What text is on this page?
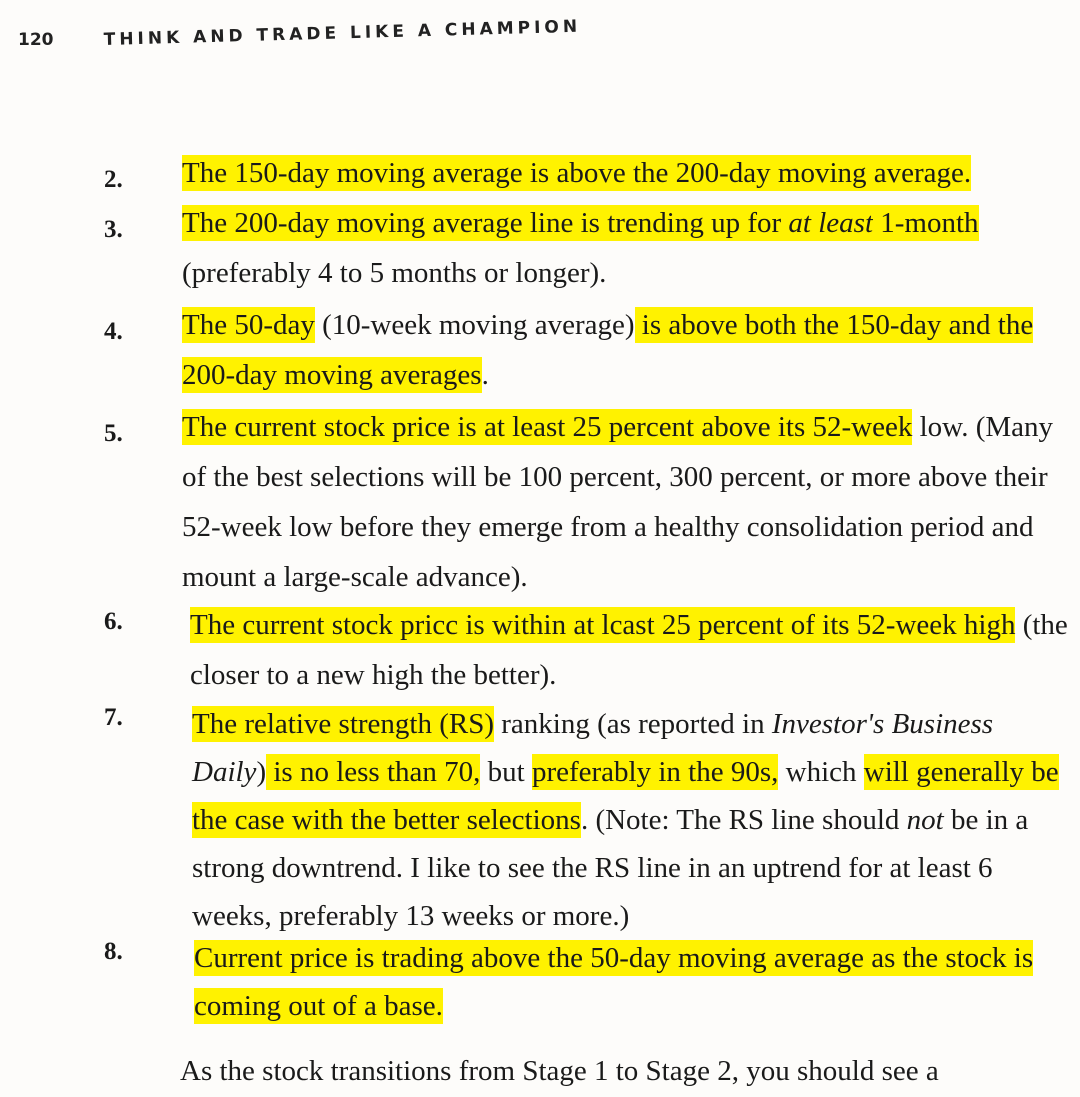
120	THINK AND TRADE LIKE A CHAMPION
2. The 150-day moving average is above the 200-day moving average.
3. The 200-day moving average line is trending up for at least 1-month (preferably 4 to 5 months or longer).
4. The 50-day (10-week moving average) is above both the 150-day and the 200-day moving averages.
5. The current stock price is at least 25 percent above its 52-week low. (Many of the best selections will be 100 percent, 300 percent, or more above their 52-week low before they emerge from a healthy consolidation period and mount a large-scale advance).
6. The current stock pricc is within at lcast 25 percent of its 52-week high (the closer to a new high the better).
7. The relative strength (RS) ranking (as reported in Investor's Business Daily) is no less than 70, but preferably in the 90s, which will generally be the case with the better selections. (Note: The RS line should not be in a strong downtrend. I like to see the RS line in an uptrend for at least 6 weeks, preferably 13 weeks or more.)
8. Current price is trading above the 50-day moving average as the stock is coming out of a base.
As the stock transitions from Stage 1 to Stage 2, you should see a
